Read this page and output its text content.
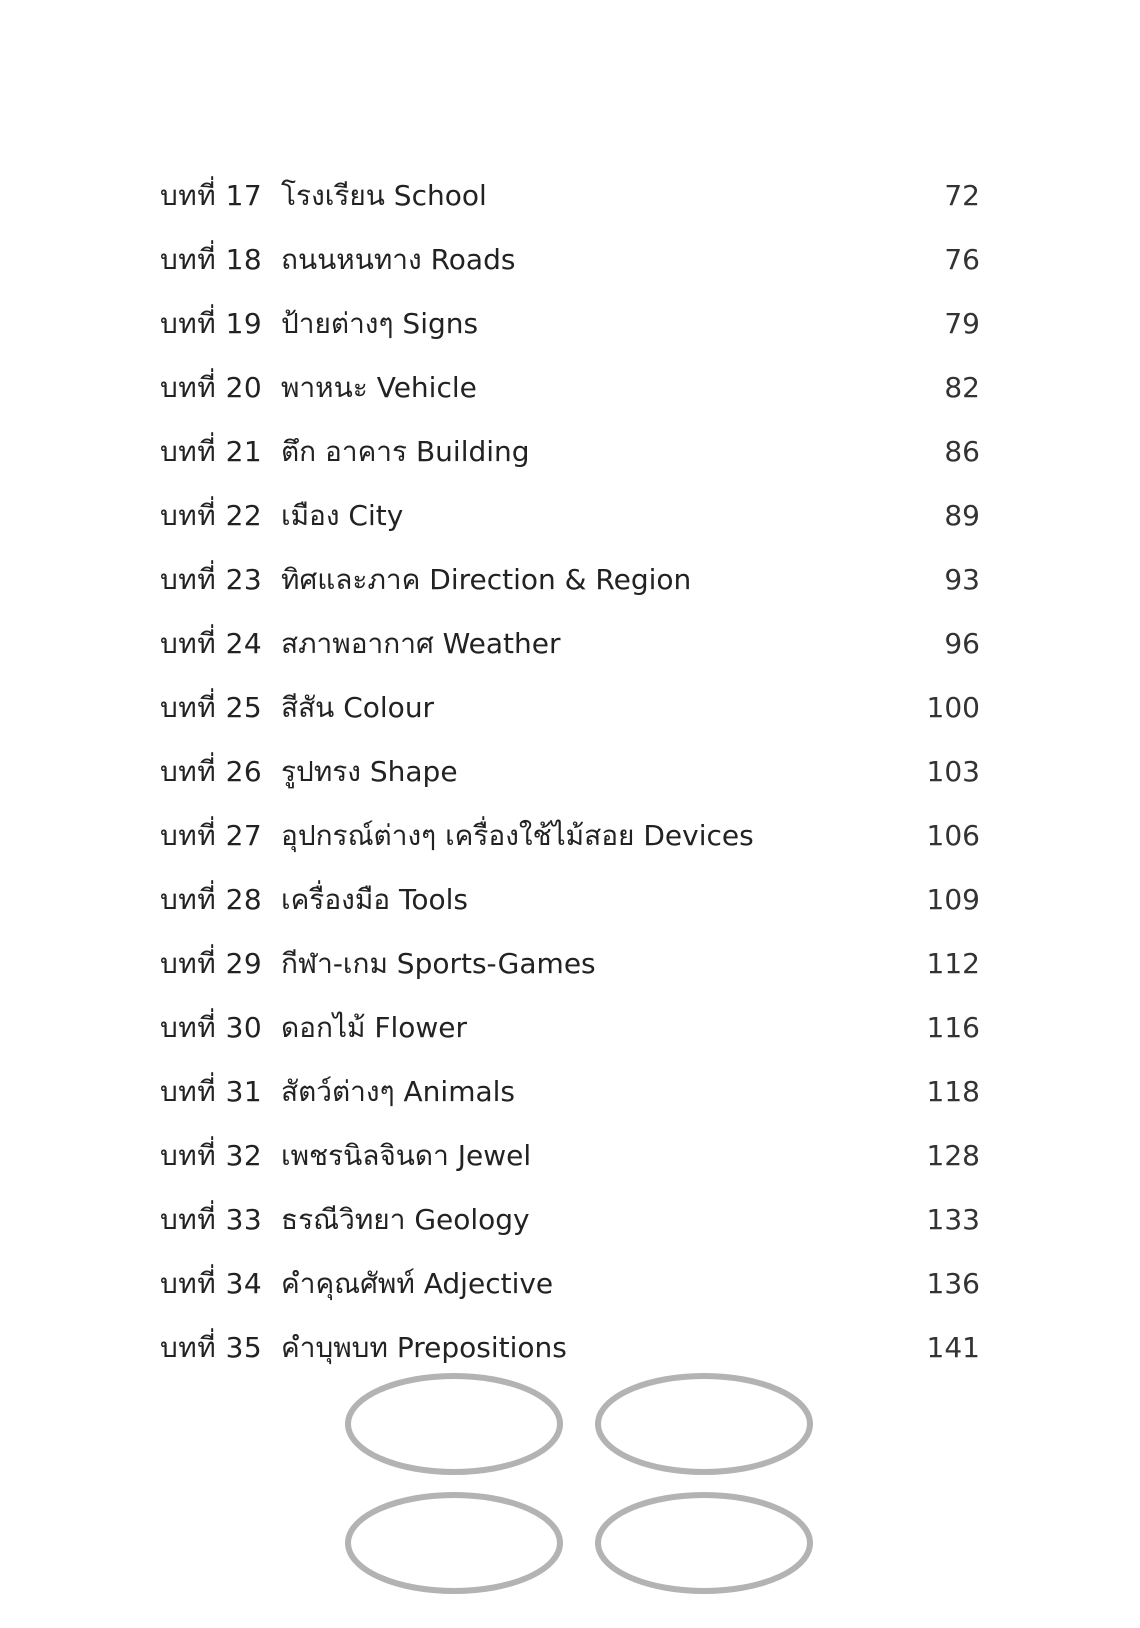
บทที่ 17 โรงเรียน School	72
บทที่ 18 ถนนหนทาง Roads	76
บทที่ 19 ป้ายต่างๆ Signs	79
บทที่ 20 พาหนะ Vehicle	82
บทที่ 21 ตึก อาคาร Building	86
บทที่ 22 เมือง City	89
บทที่ 23 ทิศและภาค Direction & Region	93
บทที่ 24 สภาพอากาศ Weather	96
บทที่ 25 สีสัน Colour	100
บทที่ 26 รูปทรง Shape	103
บทที่ 27 อุปกรณ์ต่างๆ เครื่องใช้ไม้สอย Devices	106
บทที่ 28 เครื่องมือ Tools	109
บทที่ 29 กีฬา-เกม Sports-Games	112
บทที่ 30 ดอกไม้ Flower	116
บทที่ 31 สัตว์ต่างๆ Animals	118
บทที่ 32 เพชรนิลจินดา Jewel	128
บทที่ 33 ธรณีวิทยา Geology	133
บทที่ 34 คำคุณศัพท์ Adjective	136
บทที่ 35 คำบุพบท Prepositions	141
